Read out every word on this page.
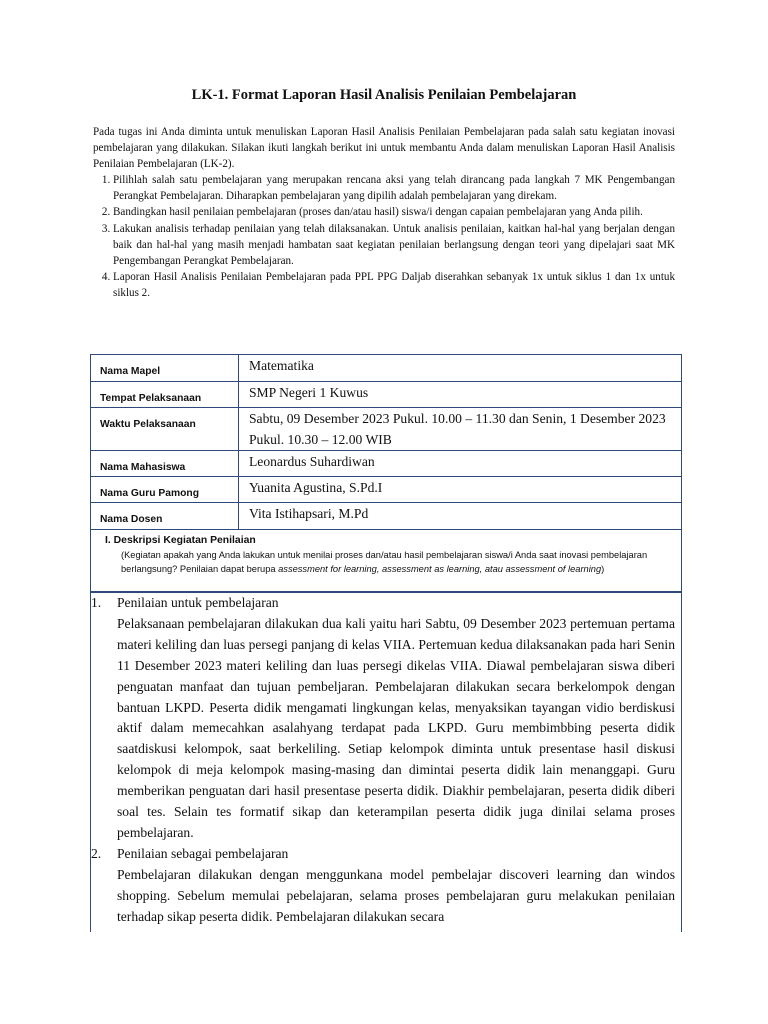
LK-1. Format Laporan Hasil Analisis Penilaian Pembelajaran

Pada tugas ini Anda diminta untuk menuliskan Laporan Hasil Analisis Penilaian Pembelajaran pada salah satu kegiatan inovasi pembelajaran yang dilakukan. Silakan ikuti langkah berikut ini untuk membantu Anda dalam menuliskan Laporan Hasil Analisis Penilaian Pembelajaran (LK-2).

1. Pilihlah salah satu pembelajaran yang merupakan rencana aksi yang telah dirancang pada langkah 7 MK Pengembangan Perangkat Pembelajaran. Diharapkan pembelajaran yang dipilih adalah pembelajaran yang direkam.
2. Bandingkan hasil penilaian pembelajaran (proses dan/atau hasil) siswa/i dengan capaian pembelajaran yang Anda pilih.
3. Lakukan analisis terhadap penilaian yang telah dilaksanakan. Untuk analisis penilaian, kaitkan hal-hal yang berjalan dengan baik dan hal-hal yang masih menjadi hambatan saat kegiatan penilaian berlangsung dengan teori yang dipelajari saat MK Pengembangan Perangkat Pembelajaran.
4. Laporan Hasil Analisis Penilaian Pembelajaran pada PPL PPG Daljab diserahkan sebanyak 1x untuk siklus 1 dan 1x untuk siklus 2.
Nama Mapel	Matematika
Tempat Pelaksanaan	SMP Negeri 1 Kuwus
Waktu Pelaksanaan	Sabtu, 09 Desember 2023 Pukul. 10.00 – 11.30 dan Senin, 1 Desember 2023 Pukul. 10.30 – 12.00 WIB
Nama Mahasiswa	Leonardus Suhardiwan
Nama Guru Pamong	Yuanita Agustina, S.Pd.I
Nama Dosen	Vita Istihapsari, M.Pd
I. Deskripsi Kegiatan Penilaian
(Kegiatan apakah yang Anda lakukan untuk menilai proses dan/atau hasil pembelajaran siswa/i Anda saat inovasi pembelajaran berlangsung? Penilaian dapat berupa assessment for learning, assessment as learning, atau assessment of learning)
1.	Penilaian untuk pembelajaran
Pelaksanaan pembelajaran dilakukan dua kali yaitu hari Sabtu, 09 Desember 2023 pertemuan pertama materi keliling dan luas persegi panjang di kelas VIIA. Pertemuan kedua dilaksanakan pada hari Senin 11 Desember 2023 materi keliling dan luas persegi dikelas VIIA. Diawal pembelajaran siswa diberi penguatan manfaat dan tujuan pembeljaran. Pembelajaran dilakukan secara berkelompok dengan bantuan LKPD. Peserta didik mengamati lingkungan kelas, menyaksikan tayangan vidio berdiskusi aktif dalam memecahkan asalahyang terdapat pada LKPD. Guru membimbbing peserta didik saatdiskusi kelompok, saat berkeliling. Setiap kelompok diminta untuk presentase hasil diskusi kelompok di meja kelompok masing-masing dan dimintai peserta didik lain menanggapi. Guru memberikan penguatan dari hasil presentase peserta didik. Diakhir pembelajaran, peserta didik diberi soal tes. Selain tes formatif sikap dan keterampilan peserta didik juga dinilai selama proses pembelajaran.
2.	Penilaian sebagai pembelajaran
Pembelajaran dilakukan dengan menggunkana model pembelajar discoveri learning dan windos shopping. Sebelum memulai pebelajaran, selama proses pembelajaran guru melakukan penilaian terhadap sikap peserta didik. Pembelajaran dilakukan secara
